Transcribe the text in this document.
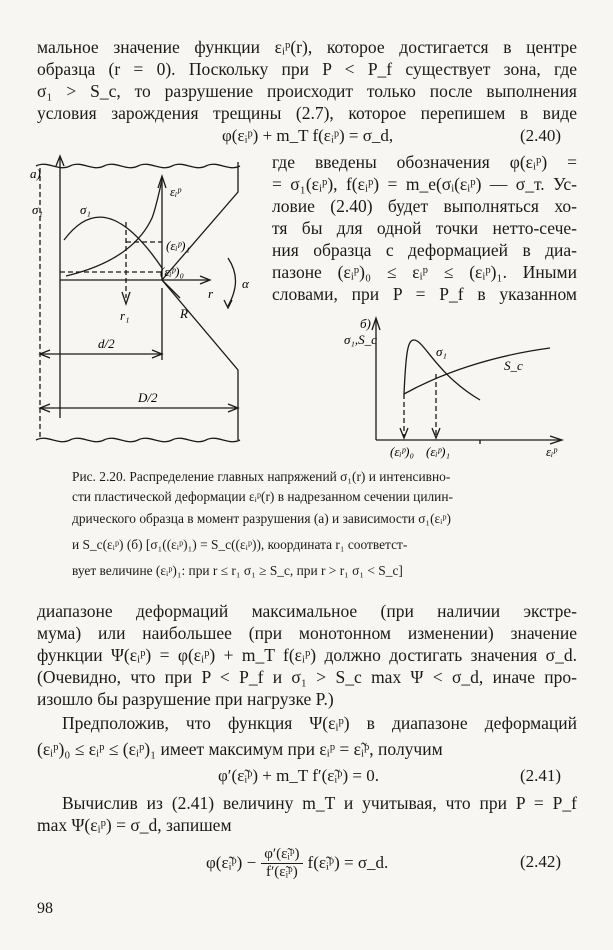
мальное значение функции εᵢᵖ(r), которое достигается в центре
образца (r = 0). Поскольку при P < P_f существует зона, где
σ₁ > S_c, то разрушение происходит только после выполнения
условия зарождения трещины (2.7), которое перепишем в виде
φ(εᵢᵖ) + m_T f(εᵢᵖ) = σ_d,	(2.40)
где введены обозначения φ(εᵢᵖ) =
= σ₁(εᵢᵖ), f(εᵢᵖ) = m_e(σᵢ(εᵢᵖ) — σ_т. Ус-
ловие (2.40) будет выполняться хо-
тя бы для одной точки нетто-сече-
ния образца с деформацией в диа-
пазоне (εᵢᵖ)₀ ≤ εᵢᵖ ≤ (εᵢᵖ)₁. Иными
словами, при P = P_f в указанном
а)
σ₁	σ₁
εᵢᵖ
(εᵢᵖ)₁
(εᵢᵖ)₀
r₁	R
r
α
d/2
D/2
б)
σ₁,S_c
σ₁
S_c
(εᵢᵖ)₀ (εᵢᵖ)₁	εᵢᵖ
Рис. 2.20. Распределение главных напряжений σ₁(r) и интенсивно-
сти пластической деформации εᵢᵖ(r) в надрезанном сечении цилин-
дрического образца в момент разрушения (а) и зависимости σ₁(εᵢᵖ)
и S_c(εᵢᵖ) (б) [σ₁((εᵢᵖ)₁) = S_c((εᵢᵖ)), координата r₁ соответст-
вует величине (εᵢᵖ)₁: при r ≤ r₁ σ₁ ≥ S_c, при r > r₁ σ₁ < S_c]
диапазоне деформаций максимальное (при наличии экстре-
мума) или наибольшее (при монотонном изменении) значение
функции Ψ(εᵢᵖ) = φ(εᵢᵖ) + m_T f(εᵢᵖ) должно достигать значения σ_d.
(Очевидно, что при P < P_f и σ₁ > S_c max Ψ < σ_d, иначе про-
изошло бы разрушение при нагрузке P.)
Предположив, что функция Ψ(εᵢᵖ) в диапазоне деформаций
(εᵢᵖ)₀ ≤ εᵢᵖ ≤ (εᵢᵖ)₁ имеет максимум при εᵢᵖ = ε̃ᵢᵖ, получим
φ′(ε̃ᵢᵖ) + m_T f′(ε̃ᵢᵖ) = 0.	(2.41)
Вычислив из (2.41) величину m_T и учитывая, что при P = P_f
max Ψ(εᵢᵖ) = σ_d, запишем
φ(ε̃ᵢᵖ) − $\frac{\text{φ′(ε̃ᵢᵖ)}}{\text{f′(ε̃ᵢᵖ)}}$ f(ε̃ᵢᵖ) = σ_d.	(2.42)
98
